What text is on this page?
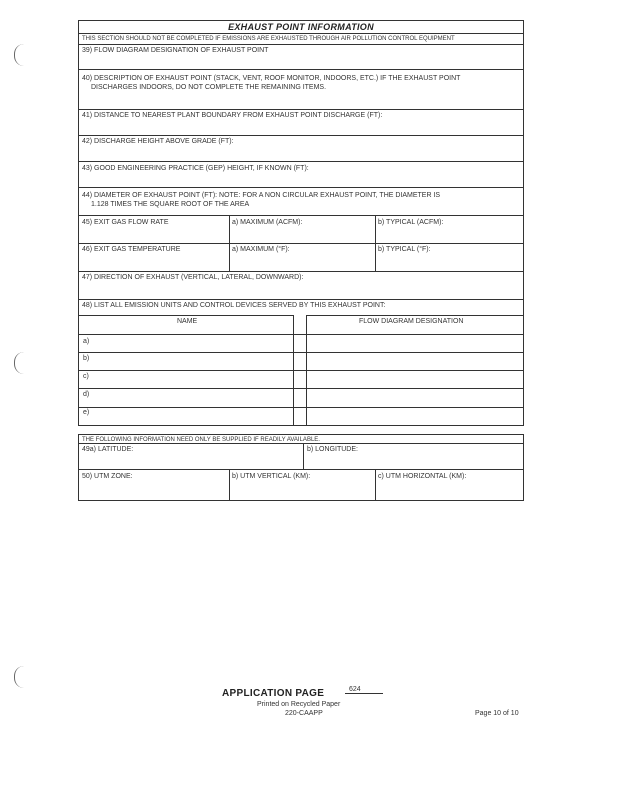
EXHAUST POINT INFORMATION
THIS SECTION SHOULD NOT BE COMPLETED IF EMISSIONS ARE EXHAUSTED THROUGH AIR POLLUTION CONTROL EQUIPMENT
39) FLOW DIAGRAM DESIGNATION OF EXHAUST POINT
40) DESCRIPTION OF EXHAUST POINT (STACK, VENT, ROOF MONITOR, INDOORS, ETC.) IF THE EXHAUST POINT
DISCHARGES INDOORS, DO NOT COMPLETE THE REMAINING ITEMS.
41) DISTANCE TO NEAREST PLANT BOUNDARY FROM EXHAUST POINT DISCHARGE (FT):
42) DISCHARGE HEIGHT ABOVE GRADE (FT):
43) GOOD ENGINEERING PRACTICE (GEP) HEIGHT, IF KNOWN (FT):
44) DIAMETER OF EXHAUST POINT (FT): NOTE: FOR A NON CIRCULAR EXHAUST POINT, THE DIAMETER IS
1.128 TIMES THE SQUARE ROOT OF THE AREA
45) EXIT GAS FLOW RATE	a) MAXIMUM (ACFM):	b) TYPICAL (ACFM):
46) EXIT GAS TEMPERATURE	a) MAXIMUM (°F):	b) TYPICAL (°F):
47) DIRECTION OF EXHAUST (VERTICAL, LATERAL, DOWNWARD):
48) LIST ALL EMISSION UNITS AND CONTROL DEVICES SERVED BY THIS EXHAUST POINT:
NAME	FLOW DIAGRAM DESIGNATION
a)
b)
c)
d)
e)
THE FOLLOWING INFORMATION NEED ONLY BE SUPPLIED IF READILY AVAILABLE.
49a) LATITUDE:	b) LONGITUDE:
50) UTM ZONE:	b) UTM VERTICAL (KM):	c) UTM HORIZONTAL (KM):
APPLICATION PAGE	624
Printed on Recycled Paper
220-CAAPP	Page 10 of 10
